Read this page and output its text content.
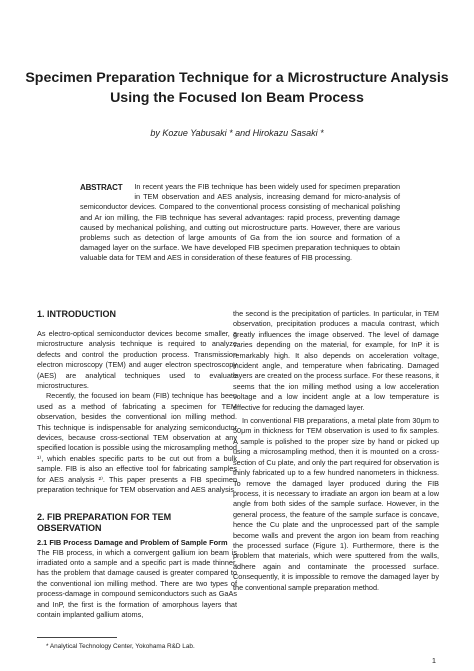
Specimen Preparation Technique for a Microstructure Analysis Using the Focused Ion Beam Process

by Kozue Yabusaki * and Hirokazu Sasaki *

ABSTRACT In recent years the FIB technique has been widely used for specimen preparation in TEM observation and AES analysis, increasing demand for micro-analysis of semiconductor devices. Compared to the conventional process consisting of mechanical polishing and Ar ion milling, the FIB technique has several advantages: rapid process, preventing damage caused by mechanical polishing, and cutting out microstructure parts. However, there are various problems such as detection of large amounts of Ga from the ion source and formation of a damaged layer on the surface. We have developed FIB specimen preparation techniques to obtain valuable data for TEM and AES in consideration of these features of FIB processing.
1. INTRODUCTION

As electro-optical semiconductor devices become smaller, a microstructure analysis technique is required to analyze defects and control the production process. Transmission electron microscopy (TEM) and auger electron spectroscopy (AES) are analytical techniques used to evaluate microstructures.

Recently, the focused ion beam (FIB) technique has been used as a method of fabricating a specimen for TEM observation, besides the conventional ion milling method. This technique is indispensable for analyzing semiconductor devices, because cross-sectional TEM observation at any specified location is possible using the microsampling method ¹⁾, which enables specific parts to be cut out from a bulk sample. FIB is also an effective tool for fabricating samples for AES analysis ²⁾. This paper presents a FIB specimen preparation technique for TEM observation and AES analysis.

2. FIB PREPARATION FOR TEM OBSERVATION
2.1 FIB Process Damage and Problem of Sample Form

The FIB process, in which a convergent gallium ion beam is irradiated onto a sample and a specific part is made thinner, has the problem that damage caused is greater compared to the conventional ion milling method. There are two types of process-damage in compound semiconductors such as GaAs and InP, the first is the formation of amorphous layers that contain implanted gallium atoms,

the second is the precipitation of particles. In particular, in TEM observation, precipitation produces a macula contrast, which greatly influences the image observed. The level of damage varies depending on the material, for example, for InP it is remarkably high. It also depends on acceleration voltage, incident angle, and temperature when fabricating. Damaged layers are created on the process surface. For these reasons, it seems that the ion milling method using a low acceleration voltage and a low incident angle at a low temperature is effective for reducing the damaged layer.

In conventional FIB preparations, a metal plate from 30μm to 50μm in thickness for TEM observation is used to fix samples. A sample is polished to the proper size by hand or picked up using a microsampling method, then it is mounted on a cross-section of Cu plate, and only the part required for observation is thinly fabricated up to a few hundred nanometers in thickness. To remove the damaged layer produced during the FIB process, it is necessary to irradiate an argon ion beam at a low angle from both sides of the sample surface. However, in the general process, the feature of the sample surface is concave, hence the Cu plate and the unprocessed part of the sample become walls and prevent the argon ion beam from reaching the processed surface (Figure 1). Furthermore, there is the problem that materials, which were sputtered from the walls, adhere again and contaminate the processed surface. Consequently, it is impossible to remove the damaged layer by the conventional sample preparation method.

* Analytical Technology Center, Yokohama R&D Lab.

1
